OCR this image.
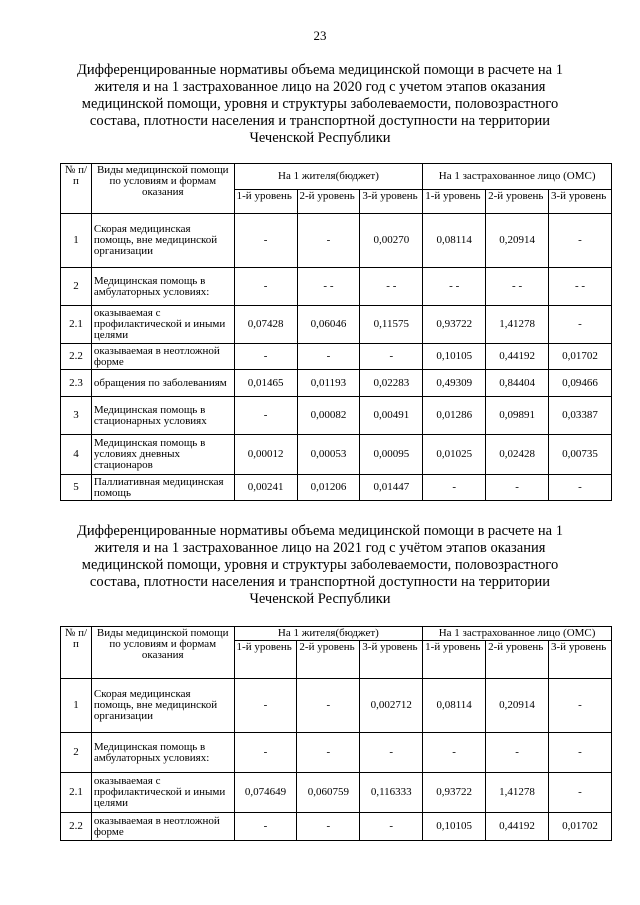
23
Дифференцированные нормативы объема медицинской помощи в расчете на 1 жителя и на 1 застрахованное лицо на 2020 год с учетом этапов оказания медицинской помощи, уровня и структуры заболеваемости, половозрастного состава, плотности населения и транспортной доступности на территории Чеченской Республики
№ п/п	Виды медицинской помощи по условиям и формам оказания	На 1 жителя(бюджет)			На 1 застрахованное лицо (ОМС)		
		1-й уровень	2-й уровень	3-й уровень	1-й уровень	2-й уровень	3-й уровень
1	Скорая медицинская помощь, вне медицинской организации	-	-	0,00270	0,08114	0,20914	-
2	Медицинская помощь в амбулаторных условиях:	-	- -	- -	- -	- -	- -
2.1	оказываемая с профилактической и иными целями	0,07428	0,06046	0,11575	0,93722	1,41278	-
2.2	оказываемая в неотложной форме	-	-	-	0,10105	0,44192	0,01702
2.3	обращения по заболеваниям	0,01465	0,01193	0,02283	0,49309	0,84404	0,09466
3	Медицинская помощь в стационарных условиях	-	0,00082	0,00491	0,01286	0,09891	0,03387
4	Медицинская помощь в условиях дневных стационаров	0,00012	0,00053	0,00095	0,01025	0,02428	0,00735
5	Паллиативная медицинская помощь	0,00241	0,01206	0,01447	-	-	-
Дифференцированные нормативы объема медицинской помощи в расчете на 1 жителя и на 1 застрахованное лицо на 2021 год с учётом этапов оказания медицинской помощи, уровня и структуры заболеваемости, половозрастного состава, плотности населения и транспортной доступности на территории Чеченской Республики
№ п/п	Виды медицинской помощи по условиям и формам оказания	На 1 жителя(бюджет)			На 1 застрахованное лицо (ОМС)		
		1-й уровень	2-й уровень	3-й уровень	1-й уровень	2-й уровень	3-й уровень
1	Скорая медицинская помощь, вне медицинской организации	-	-	0,002712	0,08114	0,20914	-
2	Медицинская помощь в амбулаторных условиях:	-	-	-	-	-	-
2.1	оказываемая с профилактической и иными целями	0,074649	0,060759	0,116333	0,93722	1,41278	-
2.2	оказываемая в неотложной форме	-	-	-	0,10105	0,44192	0,01702
